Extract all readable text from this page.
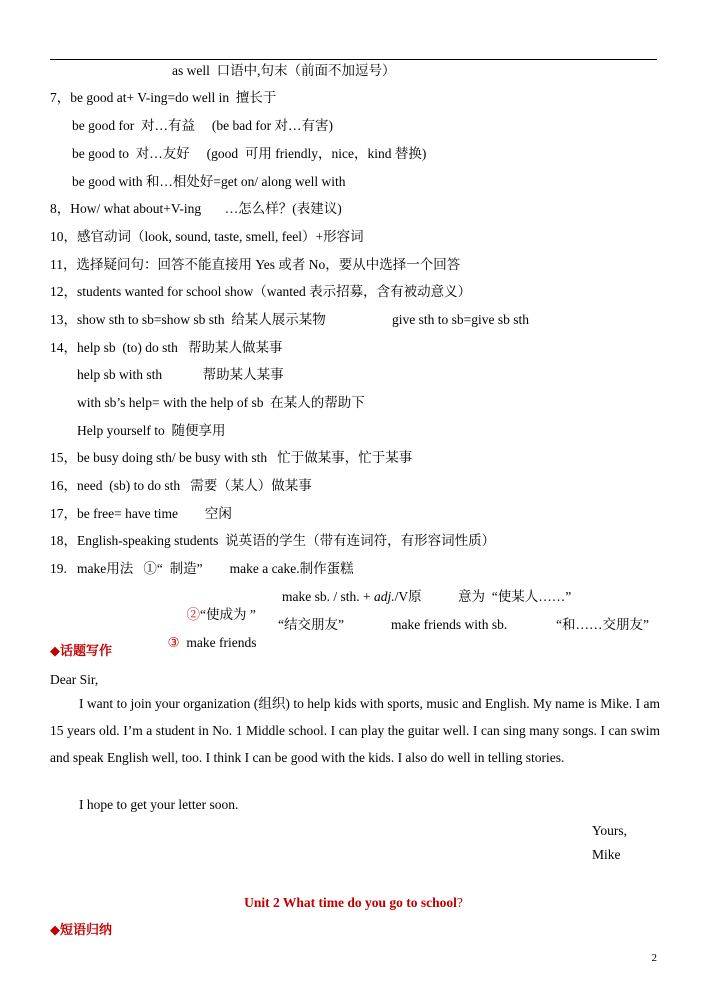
as well  口语中,句末（前面不加逗号）
7，be good at+ V-ing=do well in  擅长于
be good for  对…有益     (be bad for 对…有害)
be good to  对…友好     (good  可用 friendly，nice，kind 替换)
be good with 和…相处好=get on/ along well with
8，How/ what about+V-ing       …怎么样？(表建议)
10，感官动词（look, sound, taste, smell, feel）+形容词
11，选择疑问句：回答不能直接用 Yes 或者 No，要从中选择一个回答
12，students wanted for school show（wanted 表示招募，含有被动意义）
13，show sth to sb=show sb sth  给某人展示某物	give sth to sb=give sb sth
14，help sb  (to) do sth   帮助某人做某事
help sb with sth            帮助某人某事
with sb’s help= with the help of sb  在某人的帮助下
Help yourself to  随便享用
15，be busy doing sth/ be busy with sth   忙于做某事，忙于某事
16，need  (sb) to do sth   需要（某人）做某事
17，be free= have time        空闲
18，English-speaking students  说英语的学生（带有连词符，有形容词性质）
19.   make用法   ①“  制造”        make a cake.制作蛋糕

②“使成为 ”

make sb. / sth. + adj./V原	意为  “使某人……”

③ make friends

“结交朋友”	make friends with sb.	“和……交朋友”
◆话题写作
Dear Sir,
I want to join your organization (组织) to help kids with sports, music and English. My name is Mike. I am 15 years old. I’m a student in No. 1 Middle school. I can play the guitar well. I can sing many songs. I can swim and speak English well, too. I think I can be good with the kids. I also do well in telling stories.
I hope to get your letter soon.
Yours,
Mike
Unit 2 What time do you go to school?
◆短语归纳
2
